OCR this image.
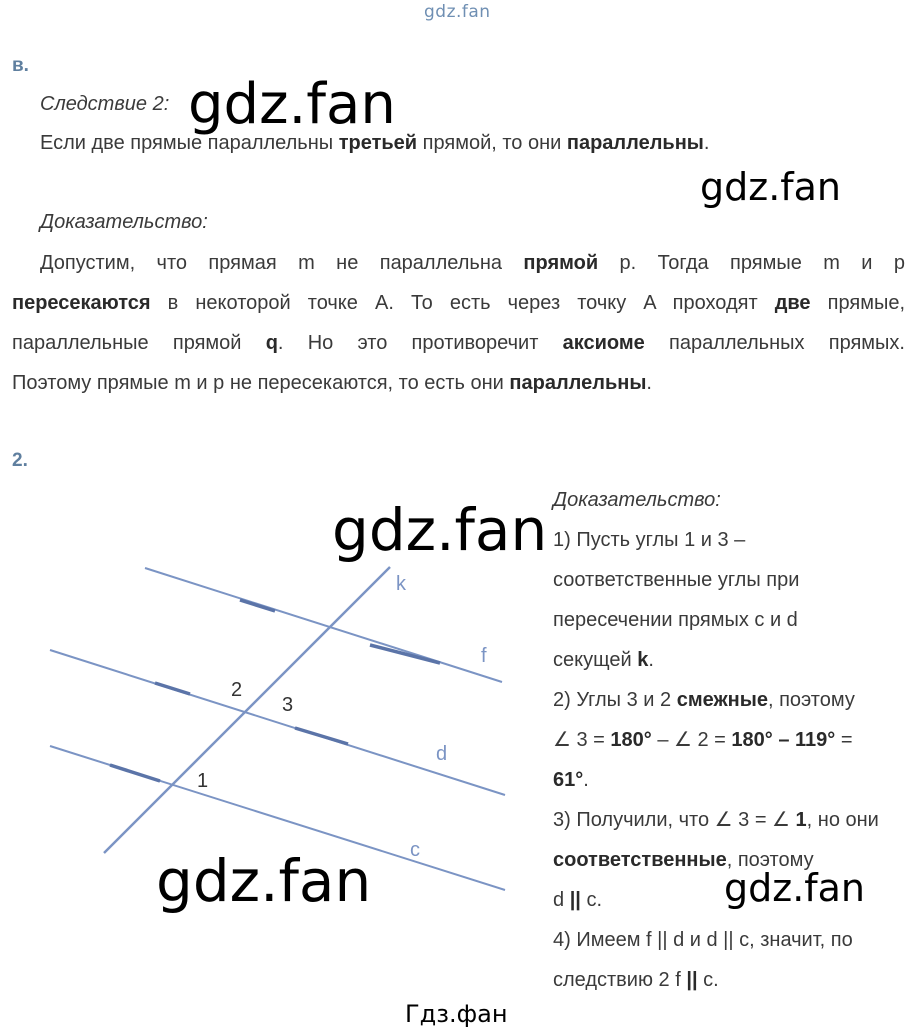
gdz.fan
в.
Следствие 2:
Если две прямые параллельны третьей прямой, то они параллельны.
Доказательство:
Допустим, что прямая m не параллельна прямой p. Тогда прямые m и p
пересекаются в некоторой точке A. То есть через точку A проходят две прямые,
параллельные прямой q. Но это противоречит аксиоме параллельных прямых.
Поэтому прямые m и p не пересекаются, то есть они параллельны.
2.
k
f
d
c
2
3
1
Доказательство:
1) Пусть углы 1 и 3 –
соответственные углы при
пересечении прямых c и d
секущей k.
2) Углы 3 и 2 смежные, поэтому
∠ 3 = 180° – ∠ 2 = 180° – 119° =
61°.
3) Получили, что ∠ 3 = ∠ 1, но они
соответственные, поэтому
d || c.
4) Имеем f || d и d || c, значит, по
следствию 2 f || c.
gdz.fan
gdz.fan
gdz.fan
gdz.fan	gdz.fan
Гдз.фан
